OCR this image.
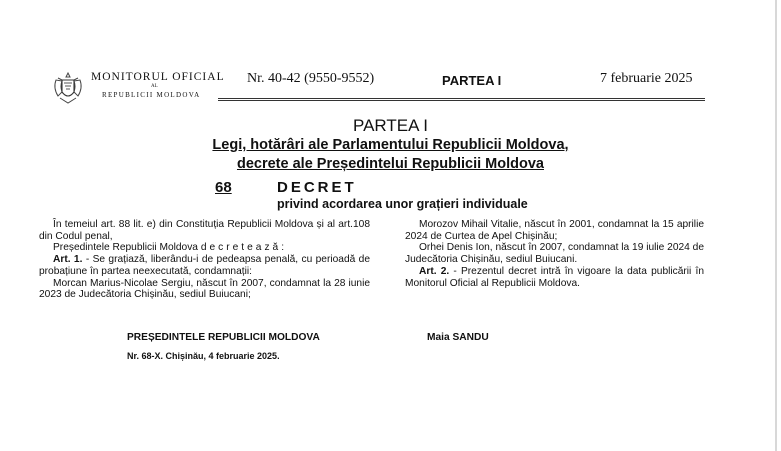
MONITORUL OFICIAL
AL
REPUBLICII MOLDOVA
Nr. 40-42 (9550-9552)	PARTEA I	7 februarie 2025
PARTEA I
Legi, hotărâri ale Parlamentului Republicii Moldova,
decrete ale Președintelui Republicii Moldova
68	DECRET
privind acordarea unor grațieri individuale

În temeiul art. 88 lit. e) din Constituția Republicii Moldova și al art.108 din Codul penal,

Președintele Republicii Moldova decretează:

Art. 1. - Se grațiază, liberându-i de pedeapsa penală, cu perioadă de probațiune în partea neexecutată, condamnații:

Morcan Marius-Nicolae Sergiu, născut în 2007, condamnat la 28 iunie 2023 de Judecătoria Chișinău, sediul Buiucani;

Morozov Mihail Vitalie, născut în 2001, condamnat la 15 aprilie 2024 de Curtea de Apel Chișinău;

Orhei Denis Ion, născut în 2007, condamnat la 19 iulie 2024 de Judecătoria Chișinău, sediul Buiucani.

Art. 2. - Prezentul decret intră în vigoare la data publicării în Monitorul Oficial al Republicii Moldova.

PREȘEDINTELE REPUBLICII MOLDOVA	Maia SANDU
Nr. 68-X. Chișinău, 4 februarie 2025.
